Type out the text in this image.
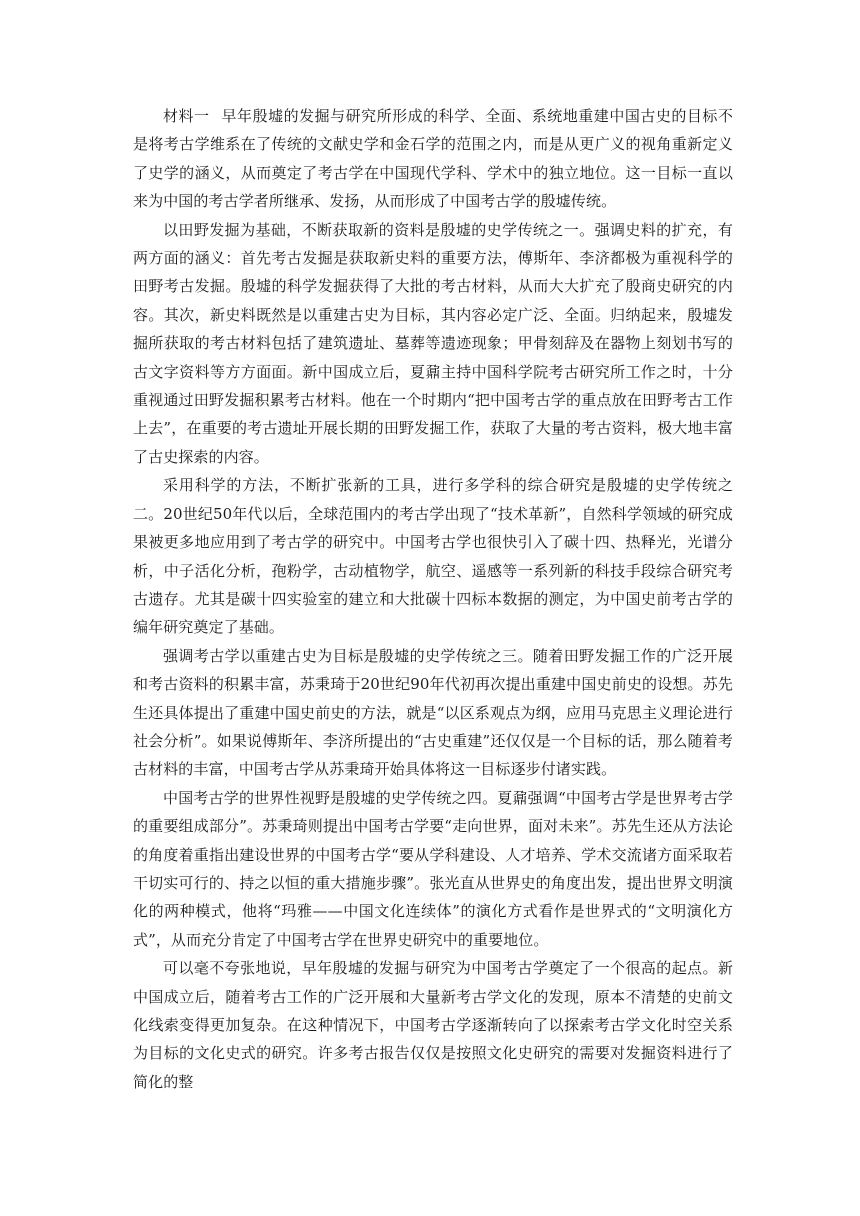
材料一 早年殷墟的发掘与研究所形成的科学、全面、系统地重建中国古史的目标不是将考古学维系在了传统的文献史学和金石学的范围之内，而是从更广义的视角重新定义了史学的涵义，从而奠定了考古学在中国现代学科、学术中的独立地位。这一目标一直以来为中国的考古学者所继承、发扬，从而形成了中国考古学的殷墟传统。

以田野发掘为基础，不断获取新的资料是殷墟的史学传统之一。强调史料的扩充，有两方面的涵义：首先考古发掘是获取新史料的重要方法，傅斯年、李济都极为重视科学的田野考古发掘。殷墟的科学发掘获得了大批的考古材料，从而大大扩充了殷商史研究的内容。其次，新史料既然是以重建古史为目标，其内容必定广泛、全面。归纳起来，殷墟发掘所获取的考古材料包括了建筑遗址、墓葬等遗迹现象；甲骨刻辞及在器物上刻划书写的古文字资料等方方面面。新中国成立后，夏鼐主持中国科学院考古研究所工作之时，十分重视通过田野发掘积累考古材料。他在一个时期内“把中国考古学的重点放在田野考古工作上去”，在重要的考古遗址开展长期的田野发掘工作，获取了大量的考古资料，极大地丰富了古史探索的内容。

采用科学的方法，不断扩张新的工具，进行多学科的综合研究是殷墟的史学传统之二。20世纪50年代以后，全球范围内的考古学出现了“技术革新”，自然科学领域的研究成果被更多地应用到了考古学的研究中。中国考古学也很快引入了碳十四、热释光，光谱分析，中子活化分析，孢粉学，古动植物学，航空、遥感等一系列新的科技手段综合研究考古遗存。尤其是碳十四实验室的建立和大批碳十四标本数据的测定，为中国史前考古学的编年研究奠定了基础。

强调考古学以重建古史为目标是殷墟的史学传统之三。随着田野发掘工作的广泛开展和考古资料的积累丰富，苏秉琦于20世纪90年代初再次提出重建中国史前史的设想。苏先生还具体提出了重建中国史前史的方法，就是“以区系观点为纲，应用马克思主义理论进行社会分析”。如果说傅斯年、李济所提出的“古史重建”还仅仅是一个目标的话，那么随着考古材料的丰富，中国考古学从苏秉琦开始具体将这一目标逐步付诸实践。

中国考古学的世界性视野是殷墟的史学传统之四。夏鼐强调“中国考古学是世界考古学的重要组成部分”。苏秉琦则提出中国考古学要“走向世界，面对未来”。苏先生还从方法论的角度着重指出建设世界的中国考古学“要从学科建设、人才培养、学术交流诸方面采取若干切实可行的、持之以恒的重大措施步骤”。张光直从世界史的角度出发，提出世界文明演化的两种模式，他将“玛雅——中国文化连续体”的演化方式看作是世界式的“文明演化方式”，从而充分肯定了中国考古学在世界史研究中的重要地位。

可以毫不夸张地说，早年殷墟的发掘与研究为中国考古学奠定了一个很高的起点。新中国成立后，随着考古工作的广泛开展和大量新考古学文化的发现，原本不清楚的史前文化线索变得更加复杂。在这种情况下，中国考古学逐渐转向了以探索考古学文化时空关系为目标的文化史式的研究。许多考古报告仅仅是按照文化史研究的需要对发掘资料进行了简化的整
